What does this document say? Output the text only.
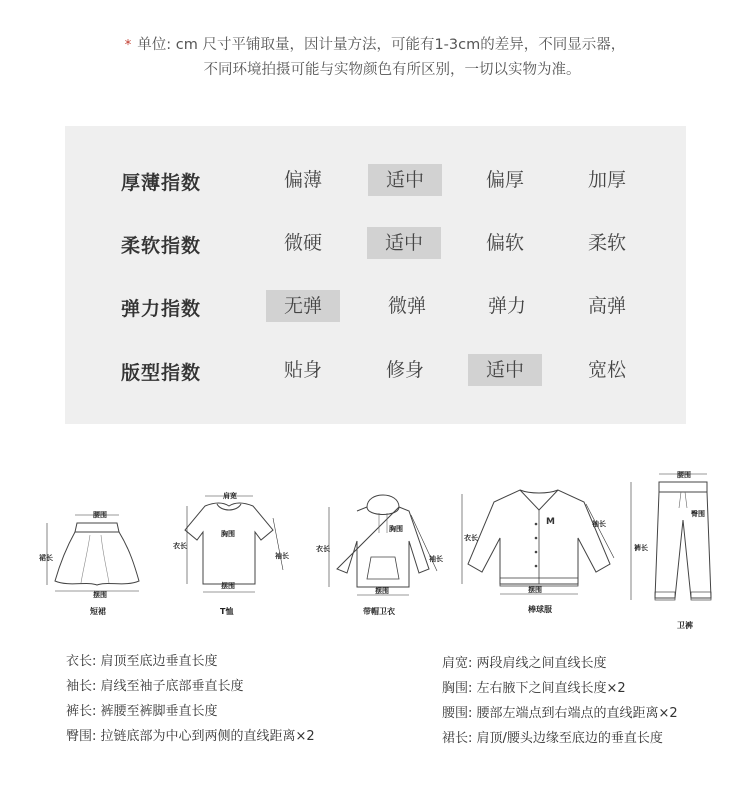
* 单位: cm 尺寸平铺取量，因计量方法，可能有1-3cm的差异，不同显示器，
不同环境拍摄可能与实物颜色有所区别，一切以实物为准。
厚薄指数	偏薄	适中	偏厚	加厚
柔软指数	微硬	适中	偏软	柔软
弹力指数	无弹	微弹	弹力	高弹
版型指数	贴身	修身	适中	宽松
腰围
裙长
摆围
短裙
肩宽
胸围
衣长
袖长
摆围
T恤
胸围
衣长
袖长
摆围
带帽卫衣
M
衣长
袖长
摆围
棒球服
腰围
臀围
裤长
卫裤
衣长: 肩顶至底边垂直长度
袖长: 肩线至袖子底部垂直长度
裤长: 裤腰至裤脚垂直长度
臀围: 拉链底部为中心到两侧的直线距离×2
肩宽: 两段肩线之间直线长度
胸围: 左右腋下之间直线长度×2
腰围: 腰部左端点到右端点的直线距离×2
裙长: 肩顶/腰头边缘至底边的垂直长度
